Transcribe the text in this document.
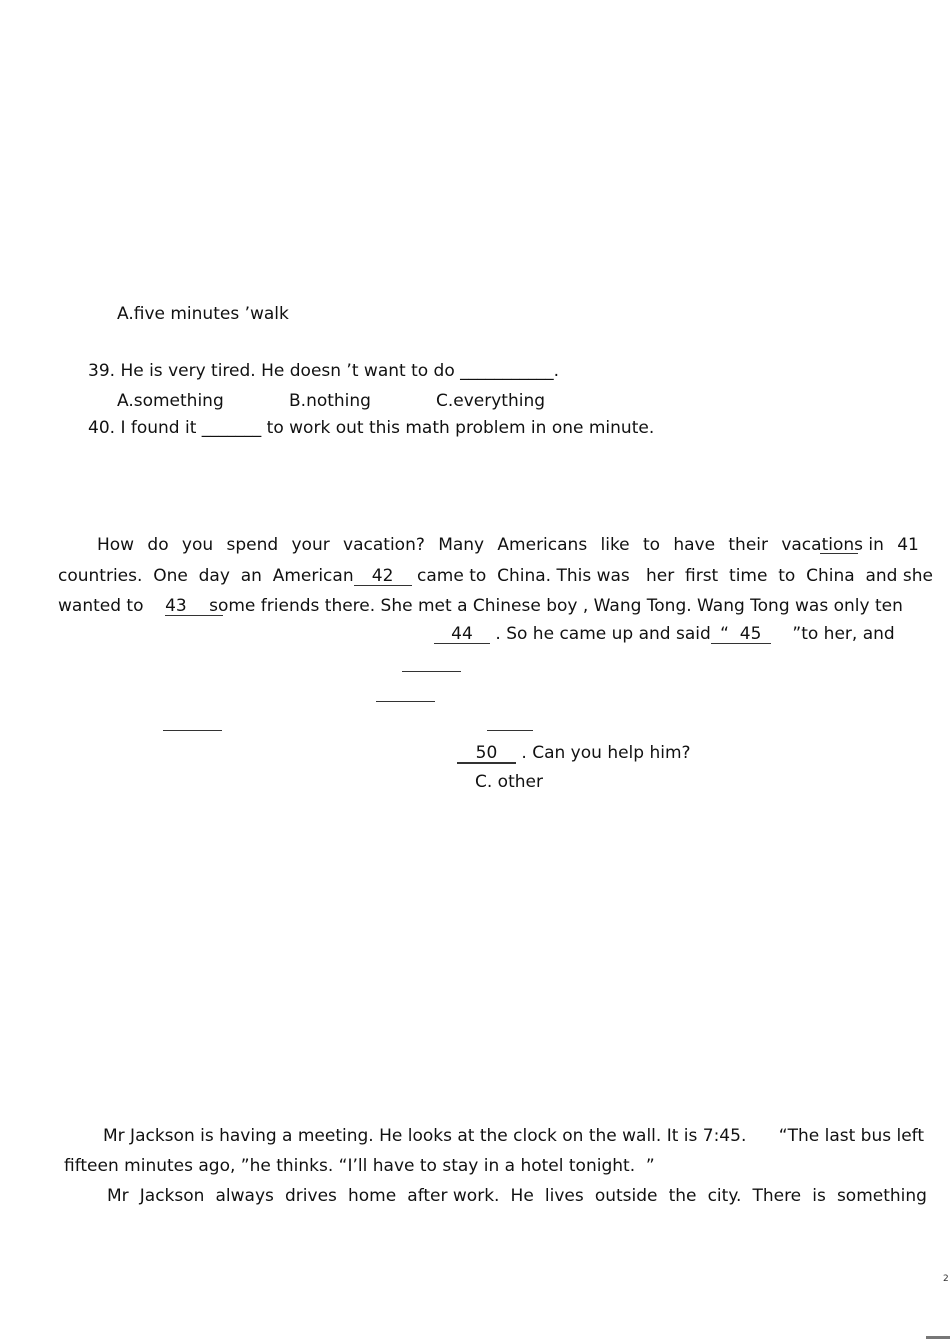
A.five minutes ’walk
39. He is very tired. He doesn ’t want to do ___________.
A.something	B.nothing	C.everything
40. I found it _______ to work out this math problem in one minute.
How do you spend your vacation? Many Americans like to have their vacations in 41
countries.  One  day  an  American 42 came to  China. This was   her  first  time  to  China  and she
wanted to 43 some friends there. She met a Chinese boy , Wang Tong. Wang Tong was only ten
44 . So he came up and said “  45 ”to her, and
50 . Can you help him?
C. other
Mr Jackson is having a meeting. He looks at the clock on the wall. It is 7:45.      “The last bus left
fifteen minutes ago, ”he thinks. “I’ll have to stay in a hotel tonight.  ”
Mr Jackson always drives home after work. He lives outside the city. There is something
2
